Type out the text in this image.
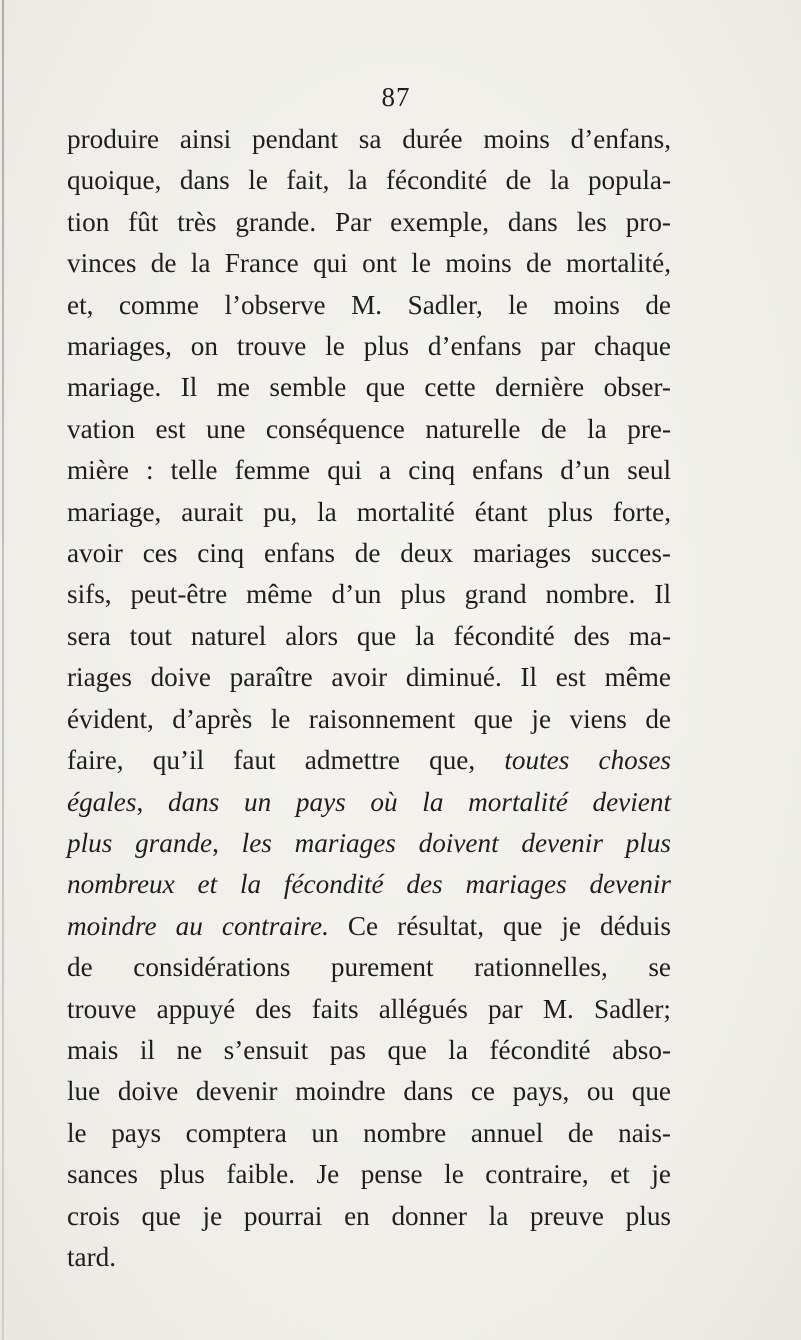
87
produire ainsi pendant sa durée moins d’enfans,
quoique, dans le fait, la fécondité de la popula-
tion fût très grande. Par exemple, dans les pro-
vinces de la France qui ont le moins de mortalité,
et, comme l’observe M. Sadler, le moins de
mariages, on trouve le plus d’enfans par chaque
mariage. Il me semble que cette dernière obser-
vation est une conséquence naturelle de la pre-
mière : telle femme qui a cinq enfans d’un seul
mariage, aurait pu, la mortalité étant plus forte,
avoir ces cinq enfans de deux mariages succes-
sifs, peut-être même d’un plus grand nombre. Il
sera tout naturel alors que la fécondité des ma-
riages doive paraître avoir diminué. Il est même
évident, d’après le raisonnement que je viens de
faire, qu’il faut admettre que, toutes choses
égales, dans un pays où la mortalité devient
plus grande, les mariages doivent devenir plus
nombreux et la fécondité des mariages devenir
moindre au contraire. Ce résultat, que je déduis
de considérations purement rationnelles, se
trouve appuyé des faits allégués par M. Sadler;
mais il ne s’ensuit pas que la fécondité abso-
lue doive devenir moindre dans ce pays, ou que
le pays comptera un nombre annuel de nais-
sances plus faible. Je pense le contraire, et je
crois que je pourrai en donner la preuve plus
tard.
